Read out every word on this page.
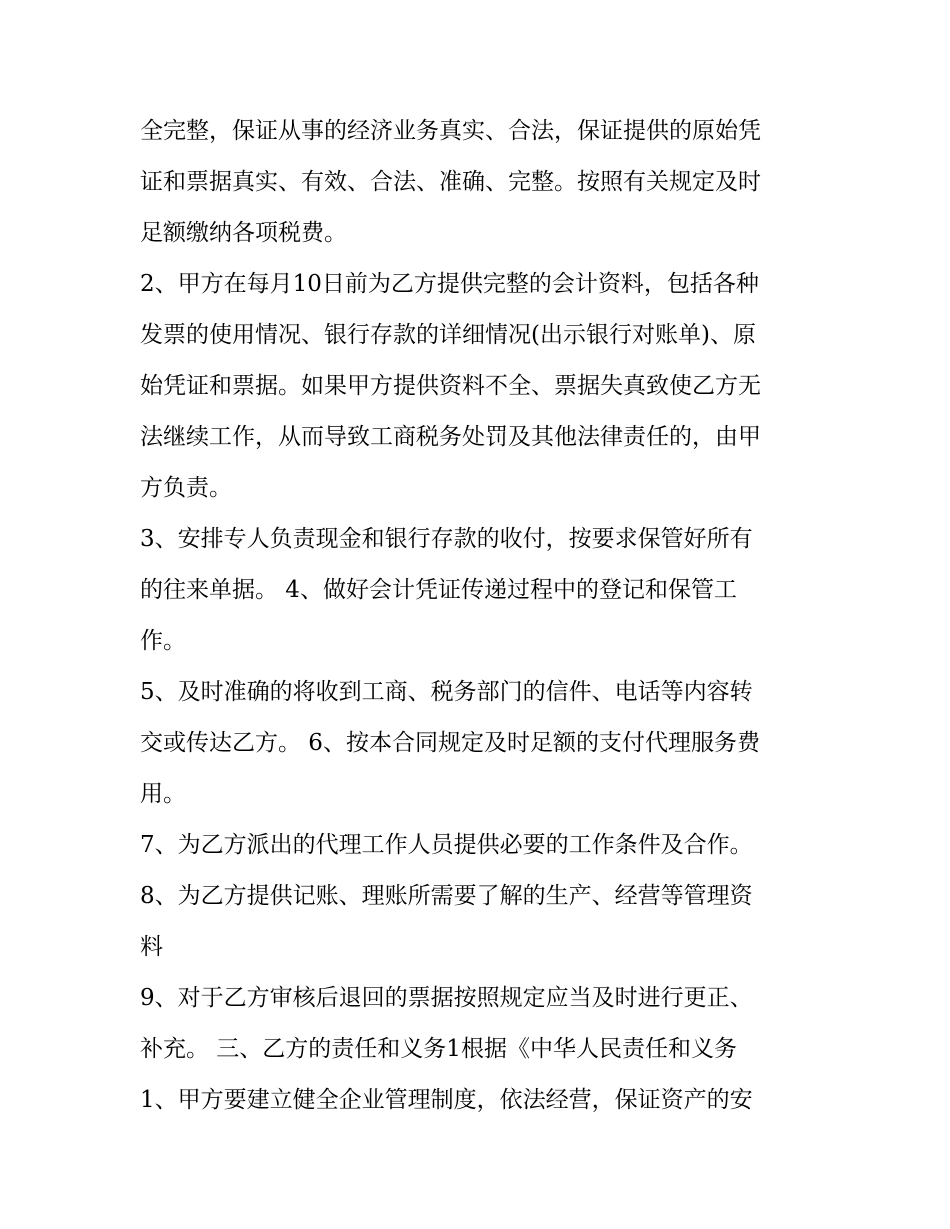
全完整，保证从事的经济业务真实、合法，保证提供的原始凭
证和票据真实、有效、合法、准确、完整。按照有关规定及时
足额缴纳各项税费。
2、甲方在每月10日前为乙方提供完整的会计资料，包括各种
发票的使用情况、银行存款的详细情况(出示银行对账单)、原
始凭证和票据。如果甲方提供资料不全、票据失真致使乙方无
法继续工作，从而导致工商税务处罚及其他法律责任的，由甲
方负责。
3、安排专人负责现金和银行存款的收付，按要求保管好所有
的往来单据。 4、做好会计凭证传递过程中的登记和保管工
作。
5、及时准确的将收到工商、税务部门的信件、电话等内容转
交或传达乙方。 6、按本合同规定及时足额的支付代理服务费
用。
7、为乙方派出的代理工作人员提供必要的工作条件及合作。
8、为乙方提供记账、理账所需要了解的生产、经营等管理资
料
9、对于乙方审核后退回的票据按照规定应当及时进行更正、
补充。 三、乙方的责任和义务1根据《中华人民责任和义务
1、甲方要建立健全企业管理制度，依法经营，保证资产的安
